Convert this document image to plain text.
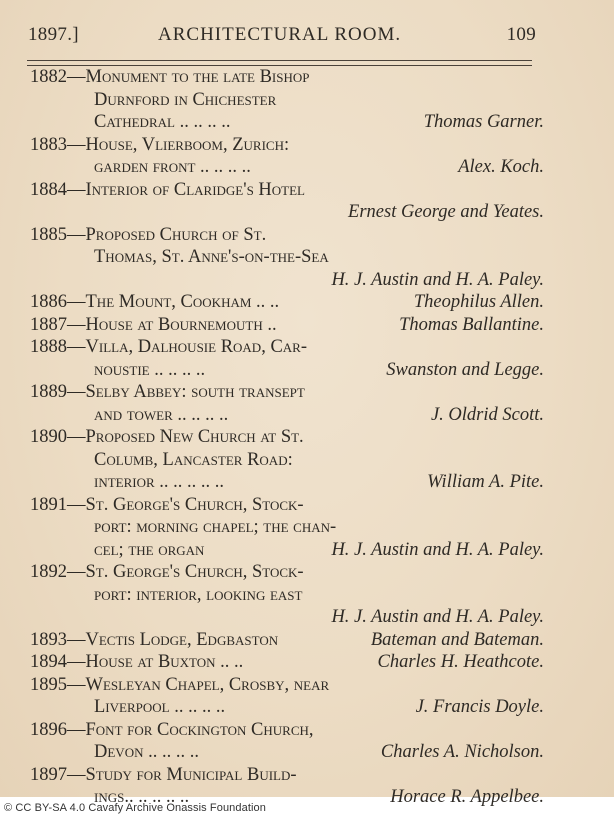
1897.]	ARCHITECTURAL ROOM.	109
1882—Monument to the late Bishop
Durnford in Chichester
Cathedral .. .. .. ..	Thomas Garner.
1883—House, Vlierboom, Zurich:
garden front .. .. .. ..	Alex. Koch.
1884—Interior of Claridge's Hotel
Ernest George and Yeates.
1885—Proposed Church of St.
Thomas, St. Anne's-on-the-Sea
H. J. Austin and H. A. Paley.
1886—The Mount, Cookham .. ..	Theophilus Allen.
1887—House at Bournemouth ..	Thomas Ballantine.
1888—Villa, Dalhousie Road, Car-
noustie .. .. .. ..	Swanston and Legge.
1889—Selby Abbey: south transept
and tower .. .. .. ..	J. Oldrid Scott.
1890—Proposed New Church at St.
Columb, Lancaster Road:
interior .. .. .. .. ..	William A. Pite.
1891—St. George's Church, Stock-
port: morning chapel; the chan-
cel; the organ	H. J. Austin and H. A. Paley.
1892—St. George's Church, Stock-
port: interior, looking east
H. J. Austin and H. A. Paley.
1893—Vectis Lodge, Edgbaston	Bateman and Bateman.
1894—House at Buxton .. ..	Charles H. Heathcote.
1895—Wesleyan Chapel, Crosby, near
Liverpool .. .. .. ..	J. Francis Doyle.
1896—Font for Cockington Church,
Devon .. .. .. ..	Charles A. Nicholson.
1897—Study for Municipal Build-
ings.. .. .. .. ..	Horace R. Appelbee.
© CC BY-SA 4.0 Cavafy Archive Onassis Foundation
